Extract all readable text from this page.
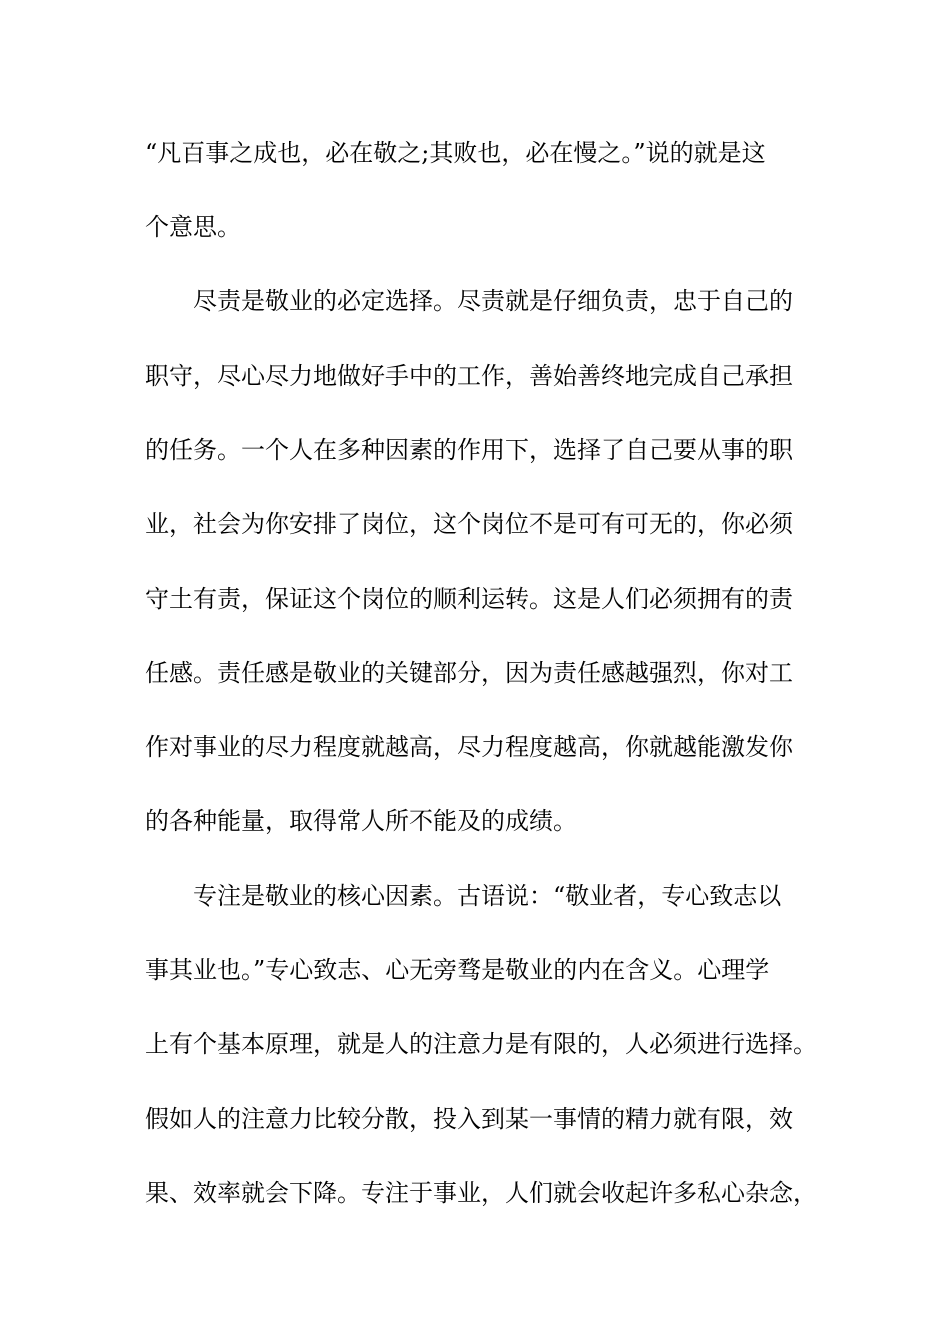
“凡百事之成也，必在敬之;其败也，必在慢之。”说的就是这
个意思。
尽责是敬业的必定选择。尽责就是仔细负责，忠于自己的
职守，尽心尽力地做好手中的工作，善始善终地完成自己承担
的任务。一个人在多种因素的作用下，选择了自己要从事的职
业，社会为你安排了岗位，这个岗位不是可有可无的，你必须
守土有责，保证这个岗位的顺利运转。这是人们必须拥有的责
任感。责任感是敬业的关键部分，因为责任感越强烈，你对工
作对事业的尽力程度就越高，尽力程度越高，你就越能激发你
的各种能量，取得常人所不能及的成绩。
专注是敬业的核心因素。古语说：“敬业者，专心致志以
事其业也。”专心致志、心无旁骛是敬业的内在含义。心理学
上有个基本原理，就是人的注意力是有限的，人必须进行选择。
假如人的注意力比较分散，投入到某一事情的精力就有限，效
果、效率就会下降。专注于事业，人们就会收起许多私心杂念，
